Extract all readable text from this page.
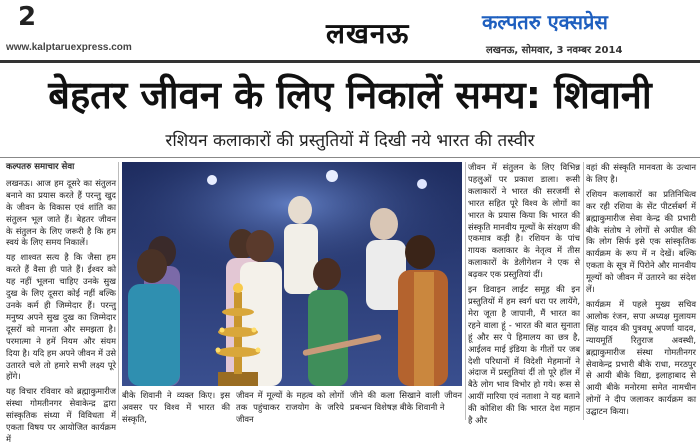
2
www.kalptaruexpress.com	लखनऊ	कल्पतरु एक्सप्रेस
लखनऊ, सोमवार, 3 नवम्बर 2014
बेहतर जीवन के लिए निकालें समय: शिवानी
रशियन कलाकारों की प्रस्तुतियों में दिखी नये भारत की तस्वीर
कल्पतरु समाचार सेवा

लखनऊ। आज हम दूसरे का संतुलन बनाने का प्रयास करते हैं परन्तु खुद के जीवन के विकास एवं शांति का संतुलन भूल जाते हैं। बेहतर जीवन के संतुलन के लिए जरूरी है कि हम स्वयं के लिए समय निकालें।

यह शाश्वत सत्य है कि जैसा हम करते हैं वैसा ही पाते हैं। ईश्वर को यह नहीं भूलना चाहिए उनके सुख दुख के लिए दूसरा कोई नहीं बल्कि उनके कर्म ही जिम्मेदार हैं। परन्तु मनुष्य अपने सुख दुख का जिम्मेदार दूसरों को मानता और समझता है। परमात्मा ने हमें नियम और संयम दिया है। यदि हम अपने जीवन में उसे उतारते चले तो हमारे सभी लक्ष्य पूरे होंगे।

यह विचार रविवार को ब्रह्माकुमारीज संस्था गोमतीनगर सेवाकेन्द्र द्वारा सांस्कृतिक संध्या में विविधता में एकता विषय पर आयोजित कार्यक्रम में

बीके शिवानी ने व्यक्त किए। इस अवसर पर विश्व में भारत की संस्कृति,
जीवन में मूल्यों के महत्व को लोगों तक पहुंचाकर राजयोग के जरिये जीवन
जीने की कला सिखाने वाली जीवन प्रबन्धन विशेषज्ञ बीके शिवानी ने

जीवन में संतुलन के लिए विभिन्न पहलुओं पर प्रकाश डाला। रूसी कलाकारों ने भारत की सरजमीं से भारत सहित पूरे विश्व के लोगों का भारत के प्रयास किया कि भारत की संस्कृति मानवीय मूल्यों के संरक्षण की एकमात्र कड़ी है। रशियन के पांच गायक कलाकार के नेतृत्व में तीस कलाकारों के डेलीगेशन ने एक से बढ़कर एक प्रस्तुतियां दीं।

इन डिवाइन लाईट समूह की इन प्रस्तुतियों में हम स्वर्ग धरा पर लायेंगे, मेरा जूता है जापानी, मैं भारत का रहने वाला हूं - भारत की बात सुनाता हूं और सर पे हिमालय का छत्र है, आईलव माई इंडिया के गीतों पर जब देशी परिधानों में विदेशी मेहमानों ने अंदाज में प्रस्तुतियां दीं तो पूरे हॉल में बैठे लोग भाव विभोर हो गये। रूस से आयीं मारिया एवं नताशा ने यह बताने की कोशिश की कि भारत देश महान है और

वहां की संस्कृति मानवता के उत्थान के लिए है।

रशियन कलाकारों का प्रतिनिधित्व कर रही रशिया के सेंट पीटर्सबर्ग में ब्रह्माकुमारीज सेवा केन्द्र की प्रभारी बीके संतोष ने लोगों से अपील की कि लोग सिर्फ इसे एक सांस्कृतिक कार्यक्रम के रूप में न देखें। बल्कि एकता के सूत्र में पिरोने और मानवीय मूल्यों को जीवन में उतारने का संदेश लें।

कार्यक्रम में पहले मुख्य सचिव आलोक रंजन, सपा अध्यक्ष मुलायम सिंह यादव की पुत्रवधू अपर्णा यादव, न्यायमूर्ति रितुराज अवस्थी, ब्रह्माकुमारीज संस्था गोमतीनगर सेवाकेन्द्र प्रभारी बीके राधा, मरठपुर से आयी बीके विद्या, इलाहाबाद से आयी बीके मनोरमा समेत नामचीन लोगों ने दीप जलाकर कार्यक्रम का उद्घाटन किया।
